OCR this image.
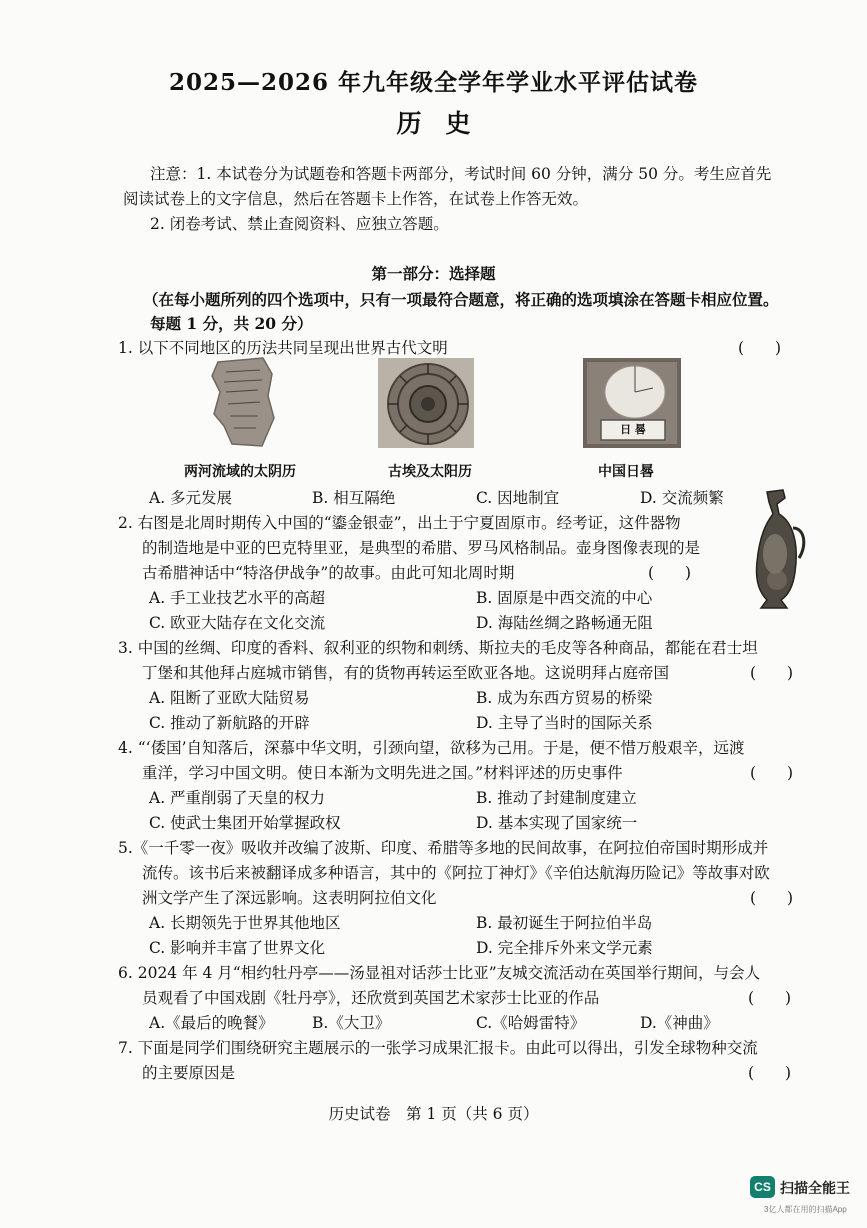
2025—2026 年九年级全学年学业水平评估试卷
历史
注意：1. 本试卷分为试题卷和答题卡两部分，考试时间 60 分钟，满分 50 分。考生应首先
阅读试卷上的文字信息，然后在答题卡上作答，在试卷上作答无效。
2. 闭卷考试、禁止查阅资料、应独立答题。
第一部分：选择题
（在每小题所列的四个选项中，只有一项最符合题意，将正确的选项填涂在答题卡相应位置。
每题 1 分，共 20 分）
1. 以下不同地区的历法共同呈现出世界古代文明	(　　)
日 晷
两河流域的太阴历	古埃及太阳历	中国日晷
A. 多元发展	B. 相互隔绝	C. 因地制宜	D. 交流频繁
2. 右图是北周时期传入中国的“鎏金银壶”，出土于宁夏固原市。经考证，这件器物
的制造地是中亚的巴克特里亚，是典型的希腊、罗马风格制品。壶身图像表现的是
古希腊神话中“特洛伊战争”的故事。由此可知北周时期	(　　)
A. 手工业技艺水平的高超	B. 固原是中西交流的中心
C. 欧亚大陆存在文化交流	D. 海陆丝绸之路畅通无阻
3. 中国的丝绸、印度的香料、叙利亚的织物和刺绣、斯拉夫的毛皮等各种商品，都能在君士坦
丁堡和其他拜占庭城市销售，有的货物再转运至欧亚各地。这说明拜占庭帝国	(　　)
A. 阻断了亚欧大陆贸易	B. 成为东西方贸易的桥梁
C. 推动了新航路的开辟	D. 主导了当时的国际关系
4. “‘倭国’自知落后，深慕中华文明，引颈向望，欲移为己用。于是，便不惜万般艰辛，远渡
重洋，学习中国文明。使日本渐为文明先进之国。”材料评述的历史事件	(　　)
A. 严重削弱了天皇的权力	B. 推动了封建制度建立
C. 使武士集团开始掌握政权	D. 基本实现了国家统一
5.《一千零一夜》吸收并改编了波斯、印度、希腊等多地的民间故事，在阿拉伯帝国时期形成并
流传。该书后来被翻译成多种语言，其中的《阿拉丁神灯》《辛伯达航海历险记》等故事对欧
洲文学产生了深远影响。这表明阿拉伯文化	(　　)
A. 长期领先于世界其他地区	B. 最初诞生于阿拉伯半岛
C. 影响并丰富了世界文化	D. 完全排斥外来文学元素
6. 2024 年 4 月“相约牡丹亭——汤显祖对话莎士比亚”友城交流活动在英国举行期间，与会人
员观看了中国戏剧《牡丹亭》，还欣赏到英国艺术家莎士比亚的作品	(　　)
A.《最后的晚餐》 B.《大卫》	C.《哈姆雷特》	D.《神曲》
7. 下面是同学们围绕研究主题展示的一张学习成果汇报卡。由此可以得出，引发全球物种交流
的主要原因是	(　　)
历史试卷　第 1 页（共 6 页）
CS 扫描全能王
3亿人都在用的扫描App
